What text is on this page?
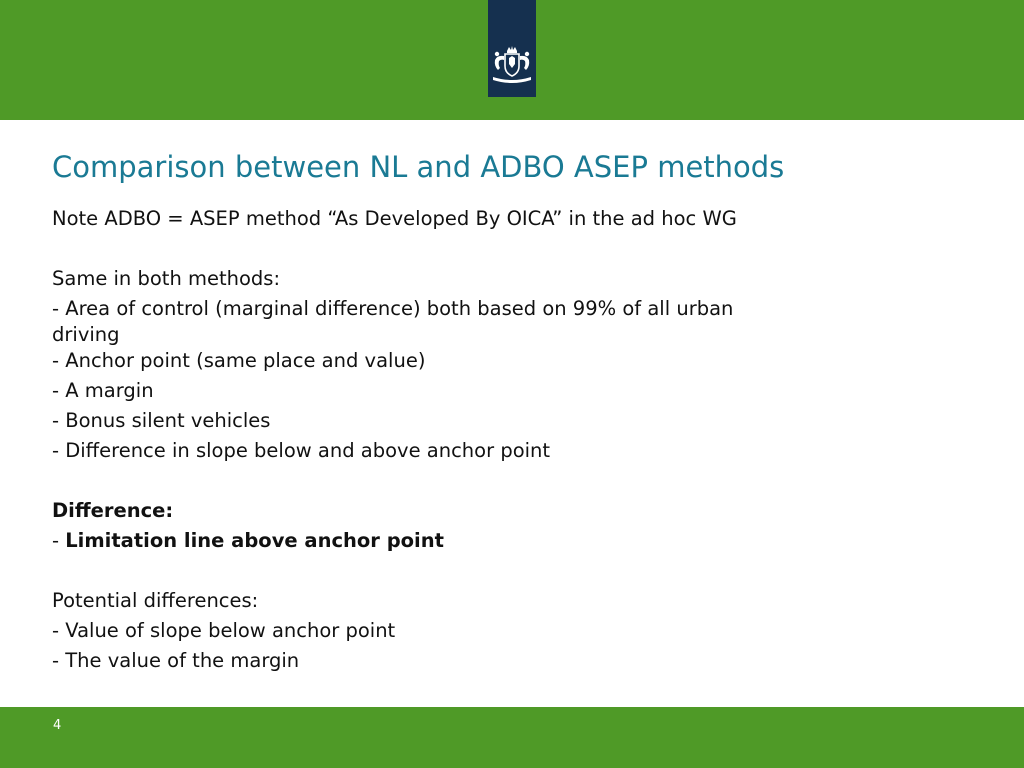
Comparison between NL and ADBO ASEP methods

Note ADBO = ASEP method “As Developed By OICA” in the ad hoc WG

Same in both methods:

- Area of control (marginal difference) both based on 99% of all urban
driving

- Anchor point (same place and value)

- A margin

- Bonus silent vehicles

- Difference in slope below and above anchor point

Difference:

- Limitation line above anchor point

Potential differences:

- Value of slope below anchor point

- The value of the margin

4
